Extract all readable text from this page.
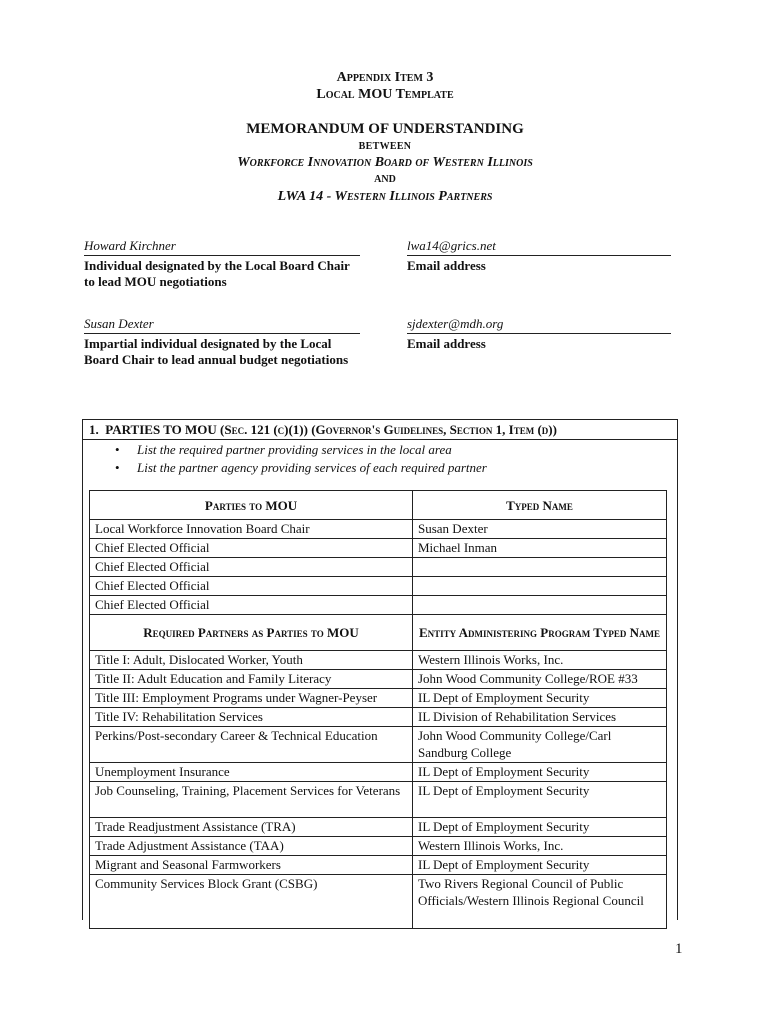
Appendix Item 3
Local MOU Template
MEMORANDUM OF UNDERSTANDING
BETWEEN
Workforce Innovation Board of Western Illinois
AND
LWA 14 - Western Illinois Partners
Howard Kirchner
Individual designated by the Local Board Chair to lead MOU negotiations
lwa14@grics.net
Email address
Susan Dexter
Impartial individual designated by the Local Board Chair to lead annual budget negotiations
sjdexter@mdh.org
Email address
1.  PARTIES TO MOU (Sec. 121 (c)(1)) (Governor's Guidelines, Section 1, Item (d))
• List the required partner providing services in the local area
• List the partner agency providing services of each required partner
Parties to MOU	Typed Name
Local Workforce Innovation Board Chair	Susan Dexter
Chief Elected Official	Michael Inman
Chief Elected Official	
Chief Elected Official	
Chief Elected Official	
Required Partners as Parties to MOU	Entity Administering Program Typed Name
Title I: Adult, Dislocated Worker, Youth	Western Illinois Works, Inc.
Title II: Adult Education and Family Literacy	John Wood Community College/ROE #33
Title III: Employment Programs under Wagner-Peyser	IL Dept of Employment Security
Title IV: Rehabilitation Services	IL Division of Rehabilitation Services
Perkins/Post-secondary Career & Technical Education	John Wood Community College/Carl Sandburg College
Unemployment Insurance	IL Dept of Employment Security
Job Counseling, Training, Placement Services for Veterans	IL Dept of Employment Security
Trade Readjustment Assistance (TRA)	IL Dept of Employment Security
Trade Adjustment Assistance (TAA)	Western Illinois Works, Inc.
Migrant and Seasonal Farmworkers	IL Dept of Employment Security
Community Services Block Grant (CSBG)	Two Rivers Regional Council of Public Officials/Western Illinois Regional Council
1
